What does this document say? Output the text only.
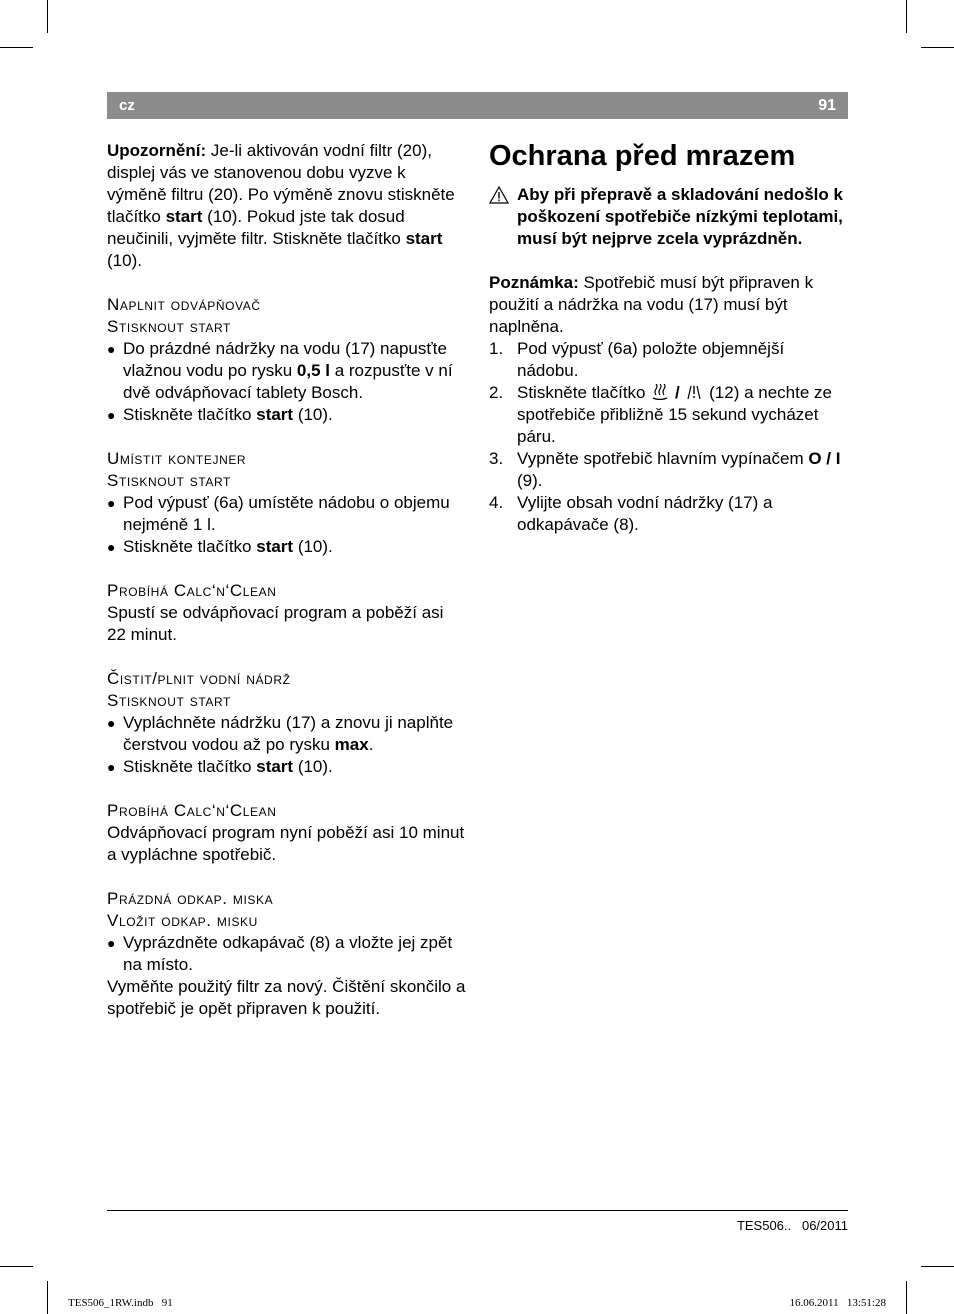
cz	91

Upozornění: Je-li aktivován vodní filtr (20), displej vás ve stanovenou dobu vyzve k výměně filtru (20). Po výměně znovu stiskněte tlačítko start (10). Pokud jste tak dosud neučinili, vyjměte filtr. Stiskněte tlačítko start (10).

Naplnit odvápňovač
Stisknout start
● Do prázdné nádržky na vodu (17) napusťte vlažnou vodu po rysku 0,5 l a rozpusťte v ní dvě odvápňovací tablety Bosch.
● Stiskněte tlačítko start (10).
Umístit kontejner
Stisknout start
● Pod výpusť (6a) umístěte nádobu o objemu nejméně 1 l.
● Stiskněte tlačítko start (10).
Probíhá Calc‘n‘Clean

Spustí se odvápňovací program a poběží asi 22 minut.

Čistit/plnit vodní nádrž
Stisknout start
● Vypláchněte nádržku (17) a znovu ji naplňte čerstvou vodou až po rysku max.
● Stiskněte tlačítko start (10).
Probíhá Calc‘n‘Clean

Odvápňovací program nyní poběží asi 10 minut a vypláchne spotřebič.

Prázdná odkap. miska
Vložit odkap. misku
● Vyprázdněte odkapávač (8) a vložte jej zpět na místo.

Vyměňte použitý filtr za nový. Čištění skončilo a spotřebič je opět připraven k použití.

Ochrana před mrazem
Aby při přepravě a skladování nedošlo k poškození spotřebiče nízkými teplotami, musí být nejprve zcela vyprázdněn.

Poznámka: Spotřebič musí být připraven k použití a nádržka na vodu (17) musí být naplněna.

1. Pod výpusť (6a) položte objemnější nádobu.
2. Stiskněte tlačítko  /  (12) a nechte ze spotřebiče přibližně 15 sekund vycházet páru.
3. Vypněte spotřebič hlavním vypínačem O / I (9).
4. Vylijte obsah vodní nádržky (17) a odkapávače (8).
TES506..   06/2011
TES506_1RW.indb   91	16.06.2011   13:51:28
